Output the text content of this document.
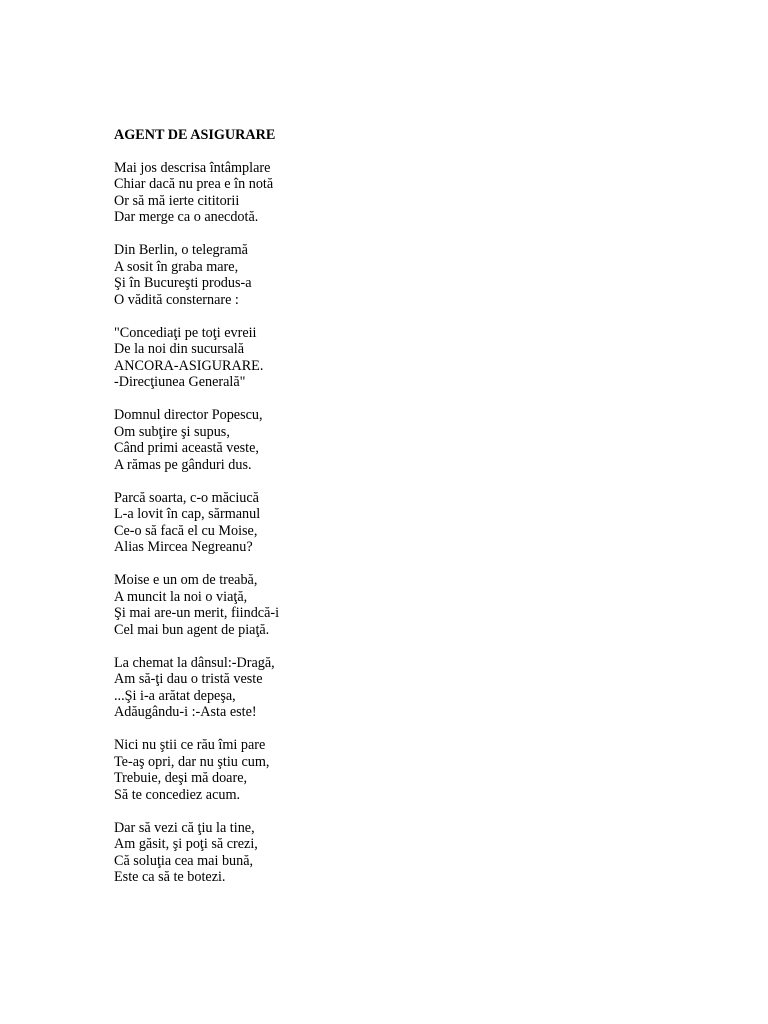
AGENT DE ASIGURARE
Mai jos descrisa întâmplare
Chiar dacă nu prea e în notă
Or să mă ierte cititorii
Dar merge ca o anecdotă.
Din Berlin, o telegramă
A sosit în graba mare,
Şi în Bucureşti produs-a
O vădită consternare :
"Concediaţi pe toţi evreii
De la noi din sucursală
ANCORA-ASIGURARE.
-Direcţiunea Generală"
Domnul director Popescu,
Om subţire şi supus,
Când primi această veste,
A rămas pe gânduri dus.
Parcă soarta, c-o măciucă
L-a lovit în cap, sărmanul
Ce-o să facă el cu Moise,
Alias Mircea Negreanu?
Moise e un om de treabă,
A muncit la noi o viaţă,
Şi mai are-un merit, fiindcă-i
Cel mai bun agent de piaţă.
La chemat la dânsul:-Dragă,
Am să-ţi dau o tristă veste
...Şi i-a arătat depeşa,
Adăugându-i :-Asta este!
Nici nu ştii ce rău îmi pare
Te-aş opri, dar nu ştiu cum,
Trebuie, deşi mă doare,
Să te concediez acum.
Dar să vezi că ţiu la tine,
Am găsit, şi poţi să crezi,
Că soluţia cea mai bună,
Este ca să te botezi.
